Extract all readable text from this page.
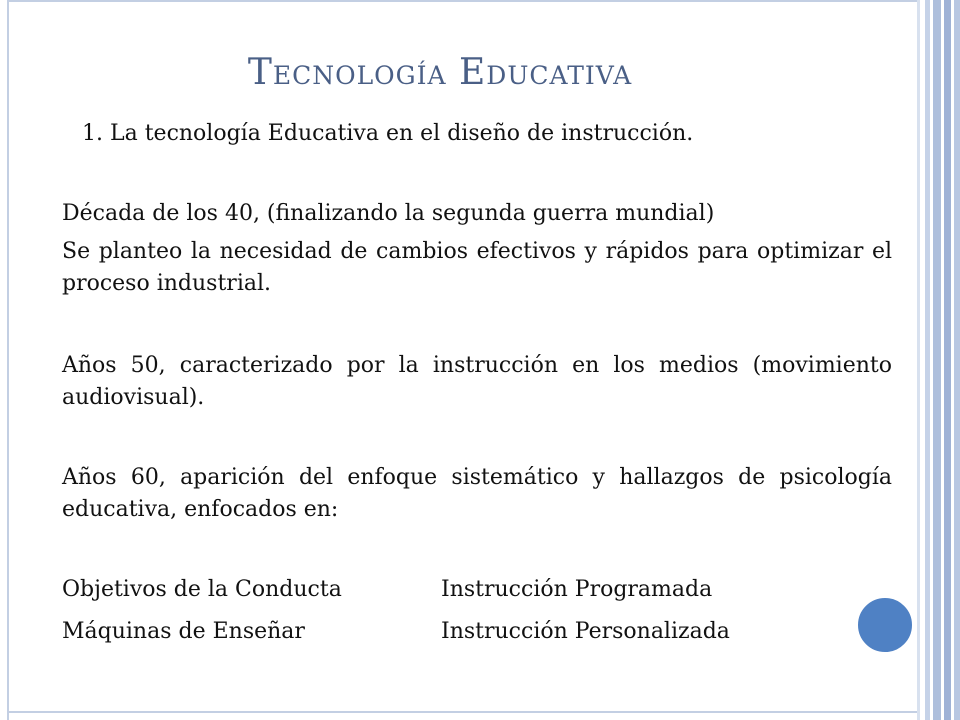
Tecnología Educativa

1. La tecnología Educativa en el diseño de instrucción.

Década de los 40, (finalizando la segunda guerra mundial)

Se planteo la necesidad de cambios efectivos y rápidos para optimizar el proceso industrial.

Años 50, caracterizado por la instrucción en los medios (movimiento audiovisual).

Años 60, aparición del enfoque sistemático y hallazgos de psicología educativa, enfocados en:

Objetivos de la Conducta	Instrucción Programada
Máquinas de Enseñar	Instrucción Personalizada
